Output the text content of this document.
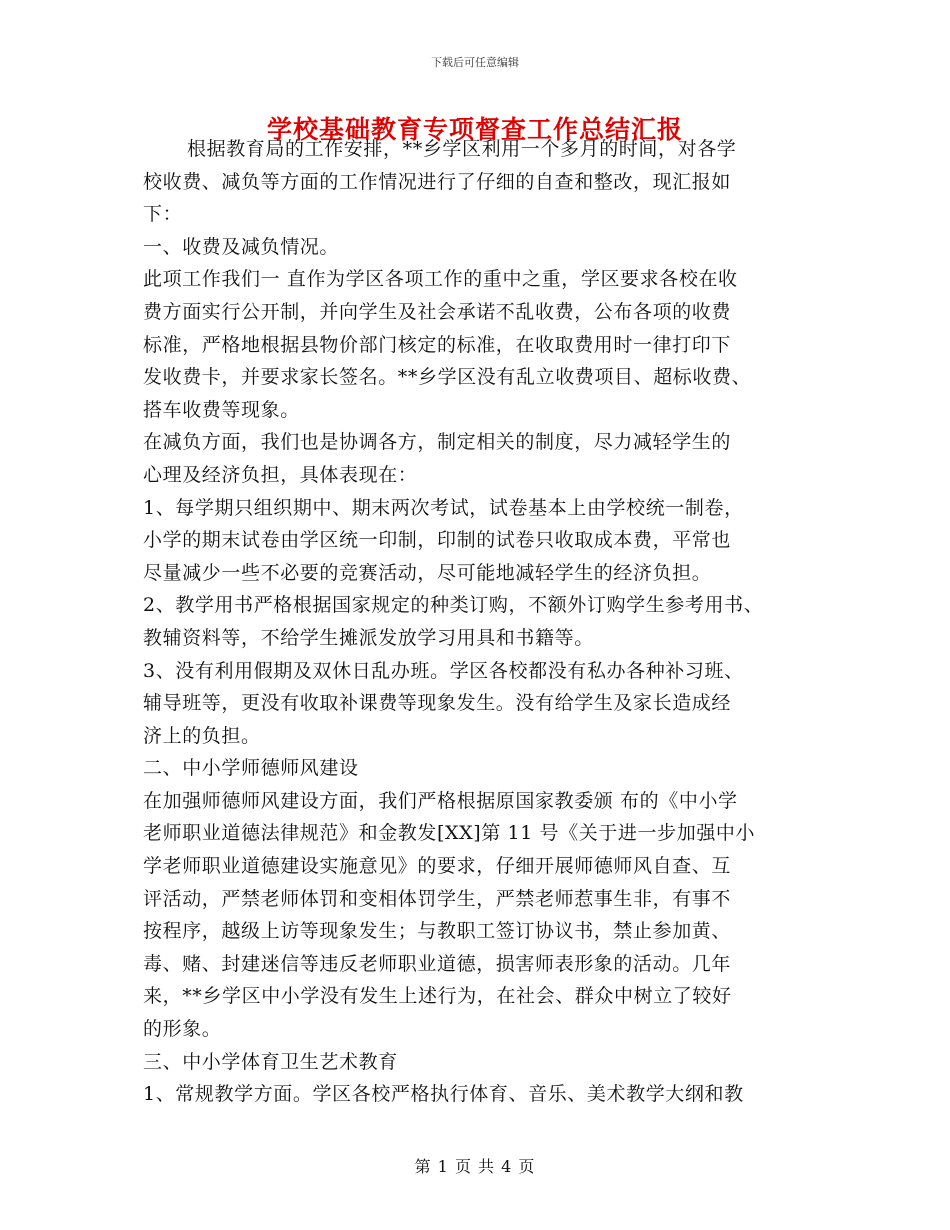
下载后可任意编辑
学校基础教育专项督查工作总结汇报
根据教育局的工作安排，**乡学区利用一个多月的时间，对各学
校收费、减负等方面的工作情况进行了仔细的自查和整改，现汇报如
下：
一、收费及减负情况。
此项工作我们一 直作为学区各项工作的重中之重，学区要求各校在收
费方面实行公开制，并向学生及社会承诺不乱收费，公布各项的收费
标准，严格地根据县物价部门核定的标准，在收取费用时一律打印下
发收费卡，并要求家长签名。**乡学区没有乱立收费项目、超标收费、
搭车收费等现象。
在减负方面，我们也是协调各方，制定相关的制度，尽力减轻学生的
心理及经济负担，具体表现在：
1、每学期只组织期中、期末两次考试，试卷基本上由学校统一制卷，
小学的期末试卷由学区统一印制，印制的试卷只收取成本费，平常也
尽量减少一些不必要的竞赛活动，尽可能地减轻学生的经济负担。
2、教学用书严格根据国家规定的种类订购，不额外订购学生参考用书、
教辅资料等，不给学生摊派发放学习用具和书籍等。
3、没有利用假期及双休日乱办班。学区各校都没有私办各种补习班、
辅导班等，更没有收取补课费等现象发生。没有给学生及家长造成经
济上的负担。
二、中小学师德师风建设
在加强师德师风建设方面，我们严格根据原国家教委颁 布的《中小学
老师职业道德法律规范》和金教发[XX]第 11 号《关于进一步加强中小
学老师职业道德建设实施意见》的要求，仔细开展师德师风自查、互
评活动，严禁老师体罚和变相体罚学生，严禁老师惹事生非，有事不
按程序，越级上访等现象发生；与教职工签订协议书，禁止参加黄、
毒、赌、封建迷信等违反老师职业道德，损害师表形象的活动。几年
来，**乡学区中小学没有发生上述行为，在社会、群众中树立了较好
的形象。
三、中小学体育卫生艺术教育
1、常规教学方面。学区各校严格执行体育、音乐、美术教学大纲和教
第 1 页 共 4 页
